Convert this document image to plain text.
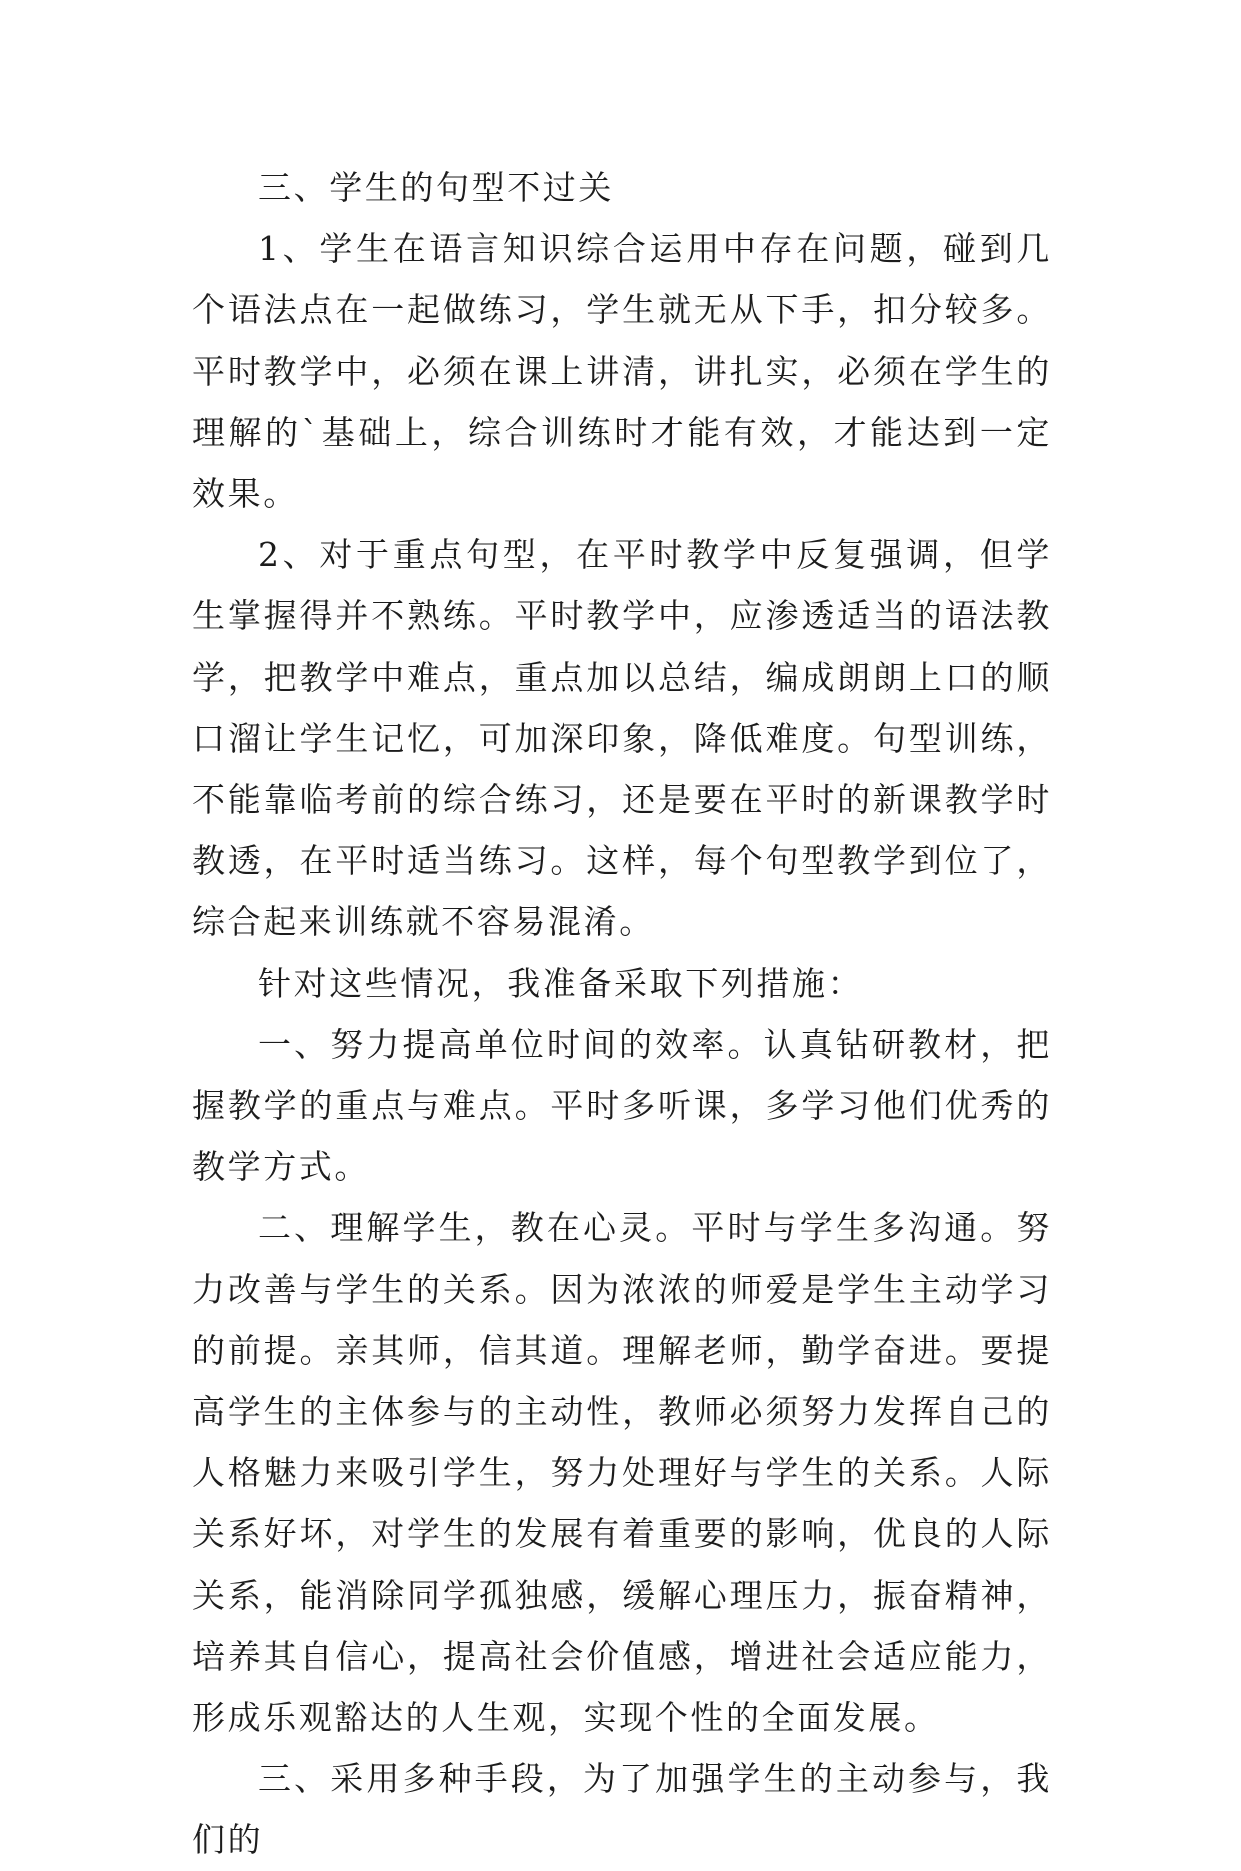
三、学生的句型不过关

1、学生在语言知识综合运用中存在问题，碰到几个语法点在一起做练习，学生就无从下手，扣分较多。平时教学中，必须在课上讲清，讲扎实，必须在学生的理解的`基础上，综合训练时才能有效，才能达到一定效果。

2、对于重点句型，在平时教学中反复强调，但学生掌握得并不熟练。平时教学中，应渗透适当的语法教学，把教学中难点，重点加以总结，编成朗朗上口的顺口溜让学生记忆，可加深印象，降低难度。句型训练，不能靠临考前的综合练习，还是要在平时的新课教学时教透，在平时适当练习。这样，每个句型教学到位了，综合起来训练就不容易混淆。

针对这些情况，我准备采取下列措施：

一、努力提高单位时间的效率。认真钻研教材，把握教学的重点与难点。平时多听课，多学习他们优秀的教学方式。

二、理解学生，教在心灵。平时与学生多沟通。努力改善与学生的关系。因为浓浓的师爱是学生主动学习的前提。亲其师，信其道。理解老师，勤学奋进。要提高学生的主体参与的主动性，教师必须努力发挥自己的人格魅力来吸引学生，努力处理好与学生的关系。人际关系好坏，对学生的发展有着重要的影响，优良的人际关系，能消除同学孤独感，缓解心理压力，振奋精神，培养其自信心，提高社会价值感，增进社会适应能力，形成乐观豁达的人生观，实现个性的全面发展。

三、采用多种手段，为了加强学生的主动参与，我们的
